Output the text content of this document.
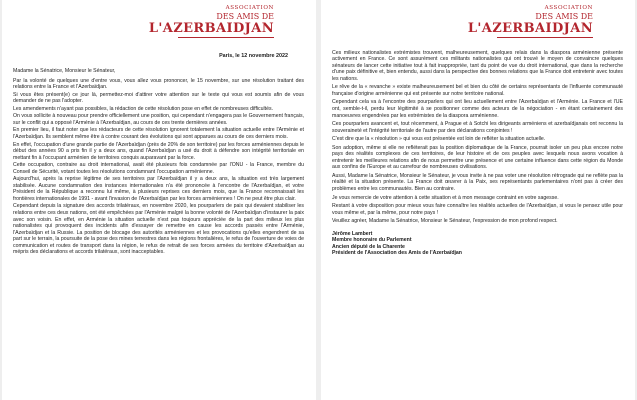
ASSOCIATION
DES AMIS DE
L'AZERBAIDJAN
Paris, le 12 novembre 2022
Madame la Sénatrice, Monsieur le Sénateur,
Par la volonté de quelques une d'entre vous, vous allez vous prononcer, le 15 novembre, sur une résolution traitant des relations entre la France et l'Azerbaïdjan.
Si vous êtes présent(e) ce jour là, permettez-moi d'attirer votre attention sur le texte qui vous est soumis afin de vous demander de ne pas l'adopter.
Les amendements n'ayant pas possibles, la rédaction de cette résolution pose en effet de nombreuses difficultés.
On vous sollicite à nouveau pour prendre officiellement une position, qui cependant n'engagera pas le Gouvernement français, sur le conflit qui a opposé l'Arménie à l'Azerbaïdjan, au cours de ces trente dernières années.
En premier lieu, il faut noter que les rédacteurs de cette résolution ignorent totalement la situation actuelle entre l'Arménie et l'Azerbaïdjan. Ils semblent même être à contre courant des évolutions qui sont apparues au cours de ces derniers mois.
En effet, l'occupation d'une grande partie de l'Azerbaïdjan (près de 20% de son territoire) par les forces arméniennes depuis le début des années 90 a pris fin il y a deux ans, quand l'Azerbaïdjan a usé du droit à défendre son intégrité territoriale en mettant fin à l'occupant arménien de territoires conquis auparavant par la force.
Cette occupation, contraire au droit international, avait été plusieurs fois condamnée par l'ONU - la France, membre du Conseil de Sécurité, votant toutes les résolutions condamnant l'occupation arménienne.
Aujourd'hui, après la reprise légitime de ses territoires par l'Azerbaïdjan il y a deux ans, la situation est très largement stabilisée. Aucune condamnation des instances internationales n'a été prononcée à l'encontre de l'Azerbaïdjan, et votre Président de la République a reconnu lui même, à plusieurs reprises ces derniers mois, que la France reconnaissait les frontières internationales de 1991 - avant l'invasion de l'Azerbaïdjan par les forces arméniennes ! On ne peut être plus clair.
Cependant depuis la signature des accords trilatéraux, en novembre 2020, les pourparlers de paix qui devaient stabiliser les relations entre ces deux nations, ont été empêchées par l'Arménie malgré la bonne volonté de l'Azerbaïdjan d'instaurer la paix avec son voisin. En effet, en Arménie la situation actuelle n'est pas toujours appréciée de la part des milieux les plus nationalistes qui provoquent des incidents afin d'essayer de remettre en cause les accords passés entre l'Arménie, l'Azerbaïdjan et la Russie. La position de blocage des autorités arméniennes et les provocations qu'elles engendrent de sa part sur le terrain, la poursuite de la pose des mines terrestres dans les régions frontalières, le refus de l'ouverture de voies de communication et routes de transport dans la région, le refus de retrait de ses forces armées du territoire d'Azerbaïdjan au mépris des déclarations et accords trilatéraux, sont inacceptables.
ASSOCIATION
DES AMIS DE
L'AZERBAIDJAN
Ces milieux nationalistes extrémistes trouvent, malheureusement, quelques relais dans la diaspora arménienne présente activement en France. Ce sont assurément ces militants nationalistes qui ont trouvé le moyen de convaincre quelques sénateurs de lancer cette initiative tout à fait inappropriée, tant du point de vue du droit international, que dans la recherche d'une paix définitive et, bien entendu, aussi dans la perspective des bonnes relations que la France doit entretenir avec toutes les nations.
Le rêve de la « revanche » existe malheureusement bel et bien du côté de certains représentants de l'influente communauté française d'origine arménienne qui est présente sur notre territoire national.
Cependant cela va à l'encontre des pourparlers qui ont lieu actuellement entre l'Azerbaïdjan et l'Arménie. La France et l'UE ont, semble-t-il, perdu leur légitimité à se positionner comme des acteurs de la négociation - en étant certainement des manoeuvres engendrées par les extrémistes de la diaspora arménienne.
Ces pourparlers avancent et, tout récemment, à Prague et à Sotchi les dirigeants arméniens et azerbaïdjanais ont reconnu la souveraineté et l'intégrité territoriale de l'autre par des déclarations conjointes !
C'est dire que la « résolution » qui vous est présentée est loin de refléter la situation actuelle.
Son adoption, même si elle ne refléterait pas la position diplomatique de la France, pourrait isoler un peu plus encore notre pays des réalités complexes de ces territoires, de leur histoire et de ces peuples avec lesquels nous avons vocation à entretenir les meilleures relations afin de nous permettre une présence et une certaine influence dans cette région du Monde aux confins de l'Europe et au carrefour de nombreuses civilisations.
Aussi, Madame la Sénatrice, Monsieur le Sénateur, je vous invite à ne pas voter une résolution rétrograde qui ne reflète pas la réalité et la situation présente. La France doit œuvrer à la Paix, ses représentants parlementaires n'ont pas à créer des problèmes entre les communautés. Bien au contraire.
Je vous remercie de votre attention à cette situation et à mon message contraint en votre sagesse.
Restant à votre disposition pour mieux vous faire connaître les réalités actuelles de l'Azerbaïdjan, si vous le pensez utile pour vous même et, par la même, pour notre pays !
Veuillez agréer, Madame la Sénatrice, Monsieur le Sénateur, l'expression de mon profond respect.
Jérôme Lambert
Membre honoraire du Parlement
Ancien député de la Charente
Président de l'Association des Amis de l'Azerbaïdjan
